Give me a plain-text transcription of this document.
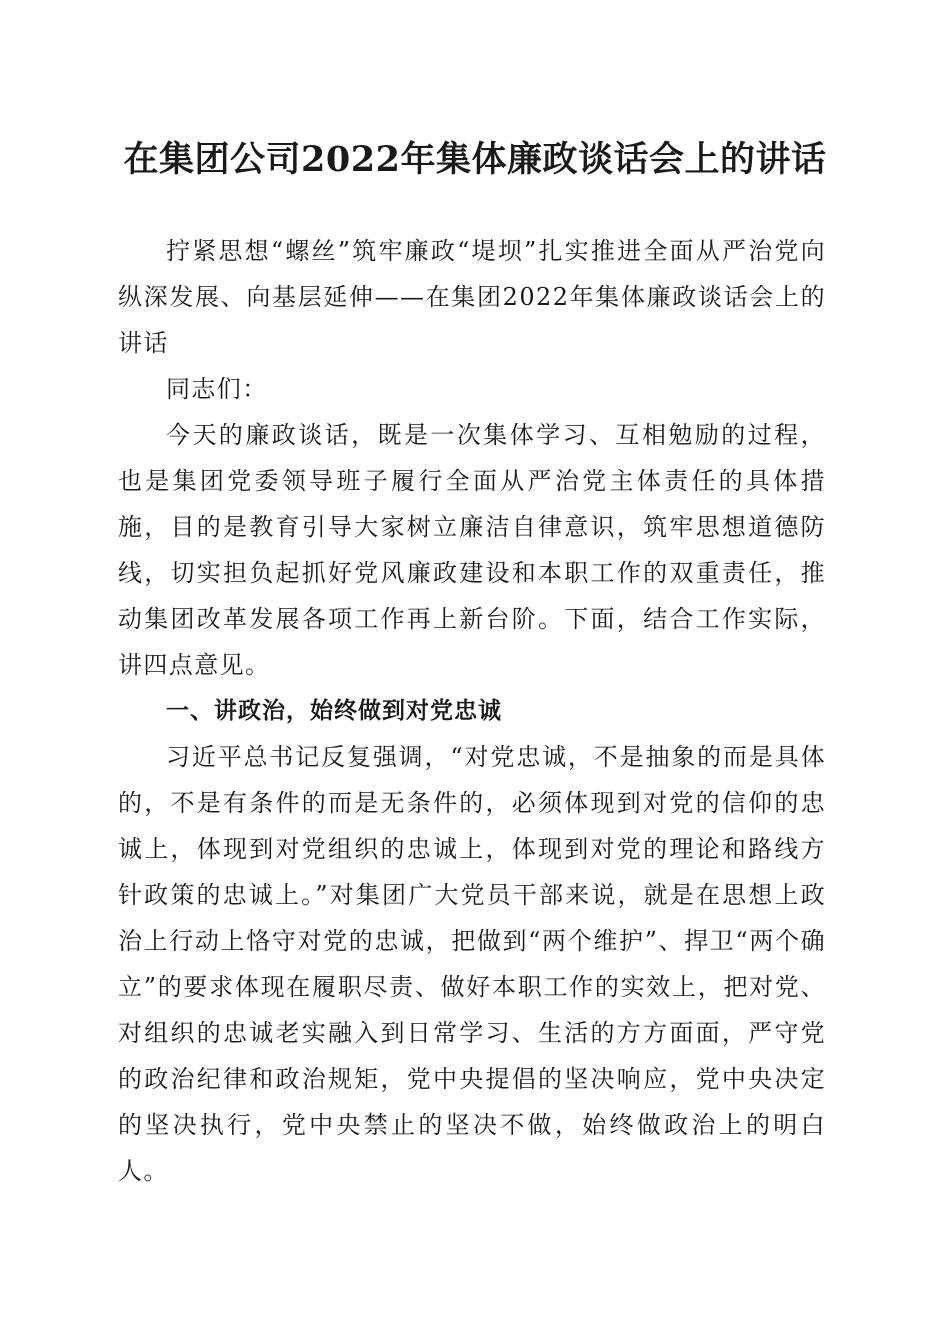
在集团公司2022年集体廉政谈话会上的讲话

拧紧思想“螺丝”筑牢廉政“堤坝”扎实推进全面从严治党向纵深发展、向基层延伸——在集团2022年集体廉政谈话会上的讲话

同志们：

今天的廉政谈话，既是一次集体学习、互相勉励的过程，也是集团党委领导班子履行全面从严治党主体责任的具体措施，目的是教育引导大家树立廉洁自律意识，筑牢思想道德防线，切实担负起抓好党风廉政建设和本职工作的双重责任，推动集团改革发展各项工作再上新台阶。下面，结合工作实际，讲四点意见。

一、讲政治，始终做到对党忠诚

习近平总书记反复强调，“对党忠诚，不是抽象的而是具体的，不是有条件的而是无条件的，必须体现到对党的信仰的忠诚上，体现到对党组织的忠诚上，体现到对党的理论和路线方针政策的忠诚上。”对集团广大党员干部来说，就是在思想上政治上行动上恪守对党的忠诚，把做到“两个维护”、捍卫“两个确立”的要求体现在履职尽责、做好本职工作的实效上，把对党、对组织的忠诚老实融入到日常学习、生活的方方面面，严守党的政治纪律和政治规矩，党中央提倡的坚决响应，党中央决定的坚决执行，党中央禁止的坚决不做，始终做政治上的明白人。
